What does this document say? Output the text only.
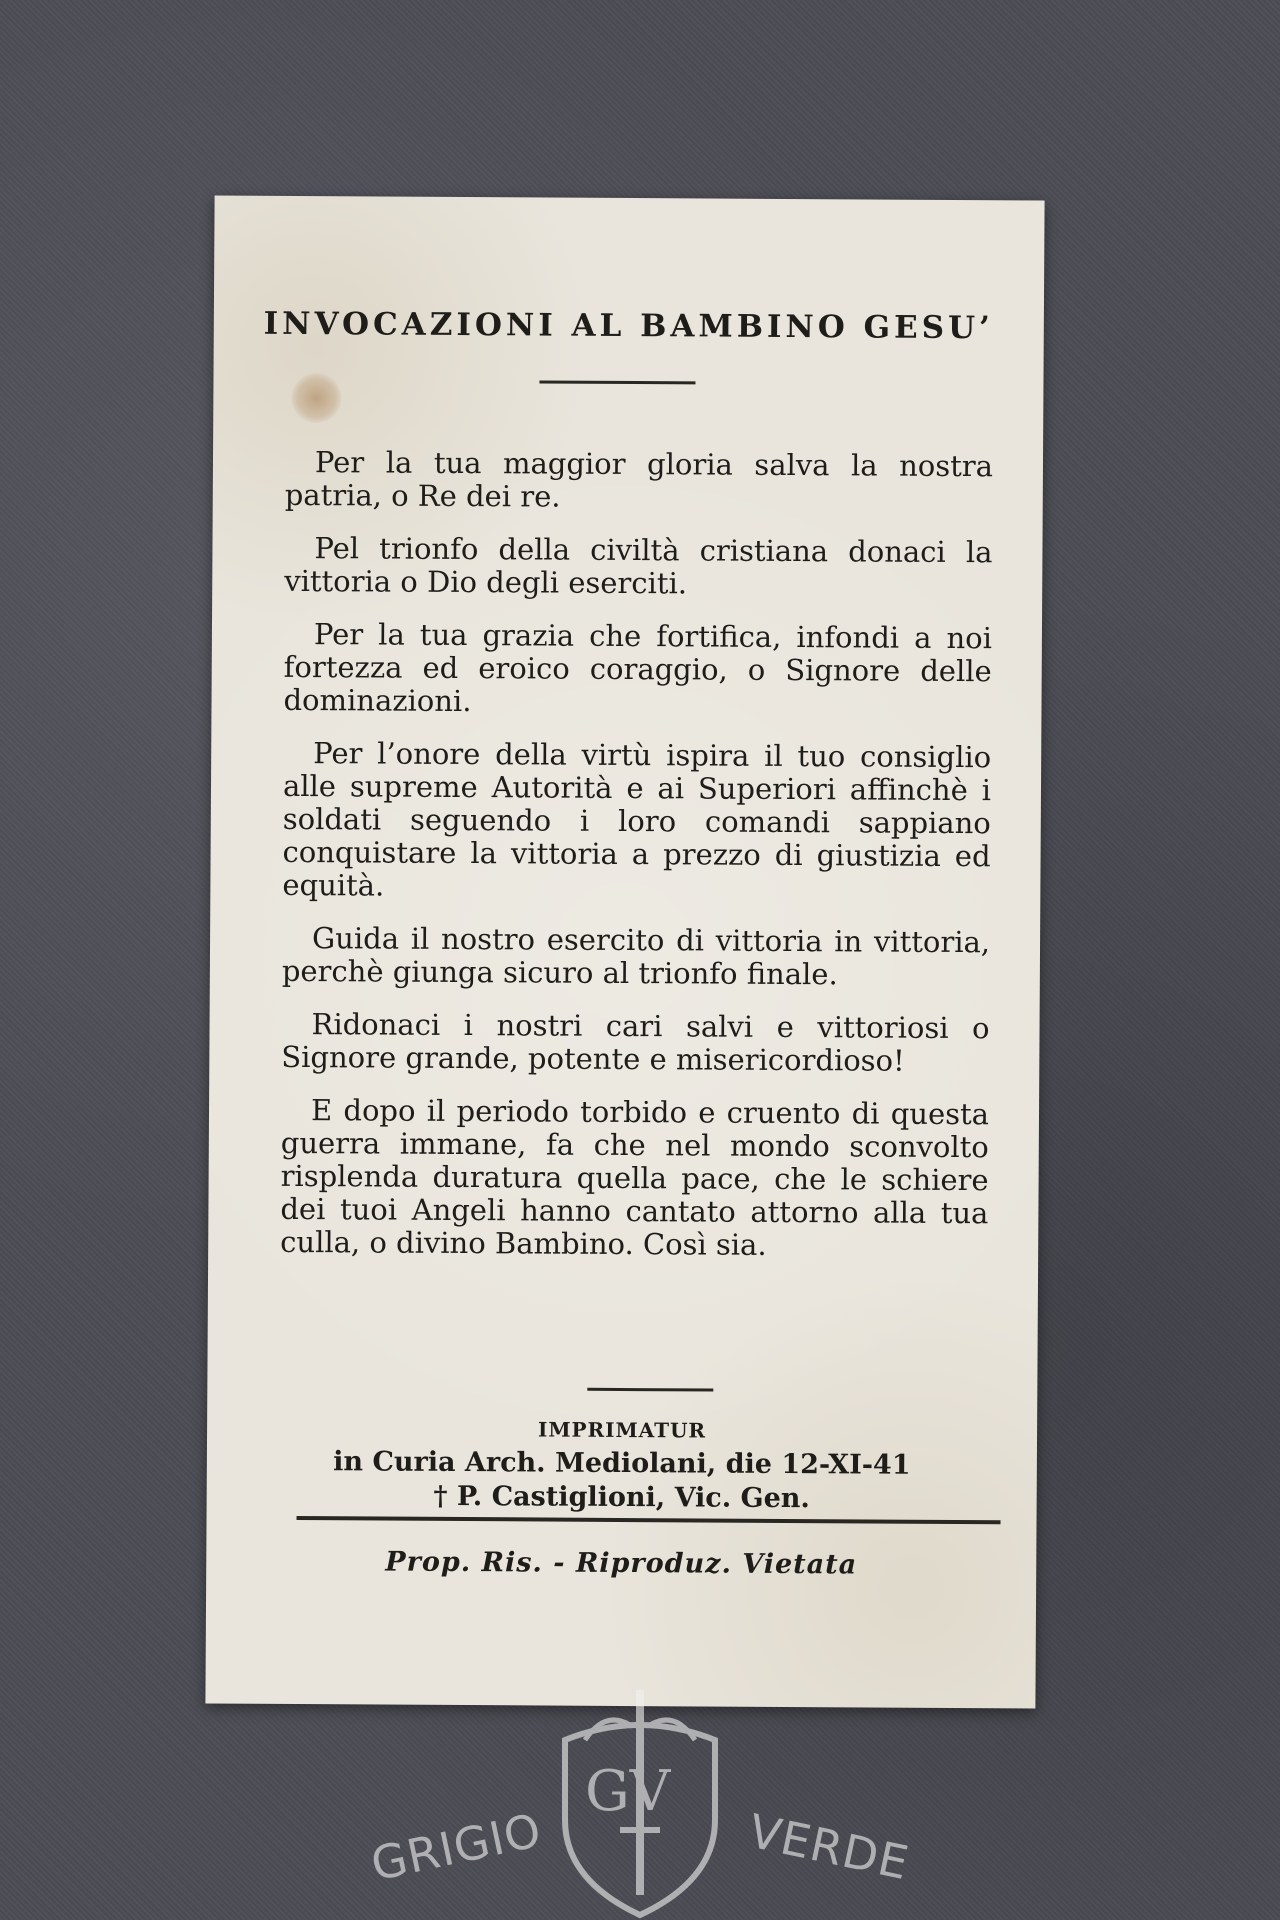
INVOCAZIONI AL BAMBINO GESU’

Per la tua maggior gloria salva la nostra patria, o Re dei re.

Pel trionfo della civiltà cristiana donaci la vittoria o Dio degli eserciti.

Per la tua grazia che fortifica, infondi a noi fortezza ed eroico coraggio, o Signore delle dominazioni.

Per l’onore della virtù ispira il tuo consiglio alle supreme Autorità e ai Superiori affinchè i soldati seguendo i loro comandi sappiano conquistare la vittoria a prezzo di giustizia ed equità.

Guida il nostro esercito di vittoria in vittoria, perchè giunga sicuro al trionfo finale.

Ridonaci i nostri cari salvi e vittoriosi o Signore grande, potente e misericordioso!

E dopo il periodo torbido e cruento di questa guerra immane, fa che nel mondo sconvolto risplenda duratura quella pace, che le schiere dei tuoi Angeli hanno cantato attorno alla tua culla, o divino Bambino. Così sia.

IMPRIMATUR
in Curia Arch. Mediolani, die 12-XI-41
† P. Castiglioni, Vic. Gen.
Prop. Ris. - Riproduz. Vietata
GRIGIO
GV
VERDE
